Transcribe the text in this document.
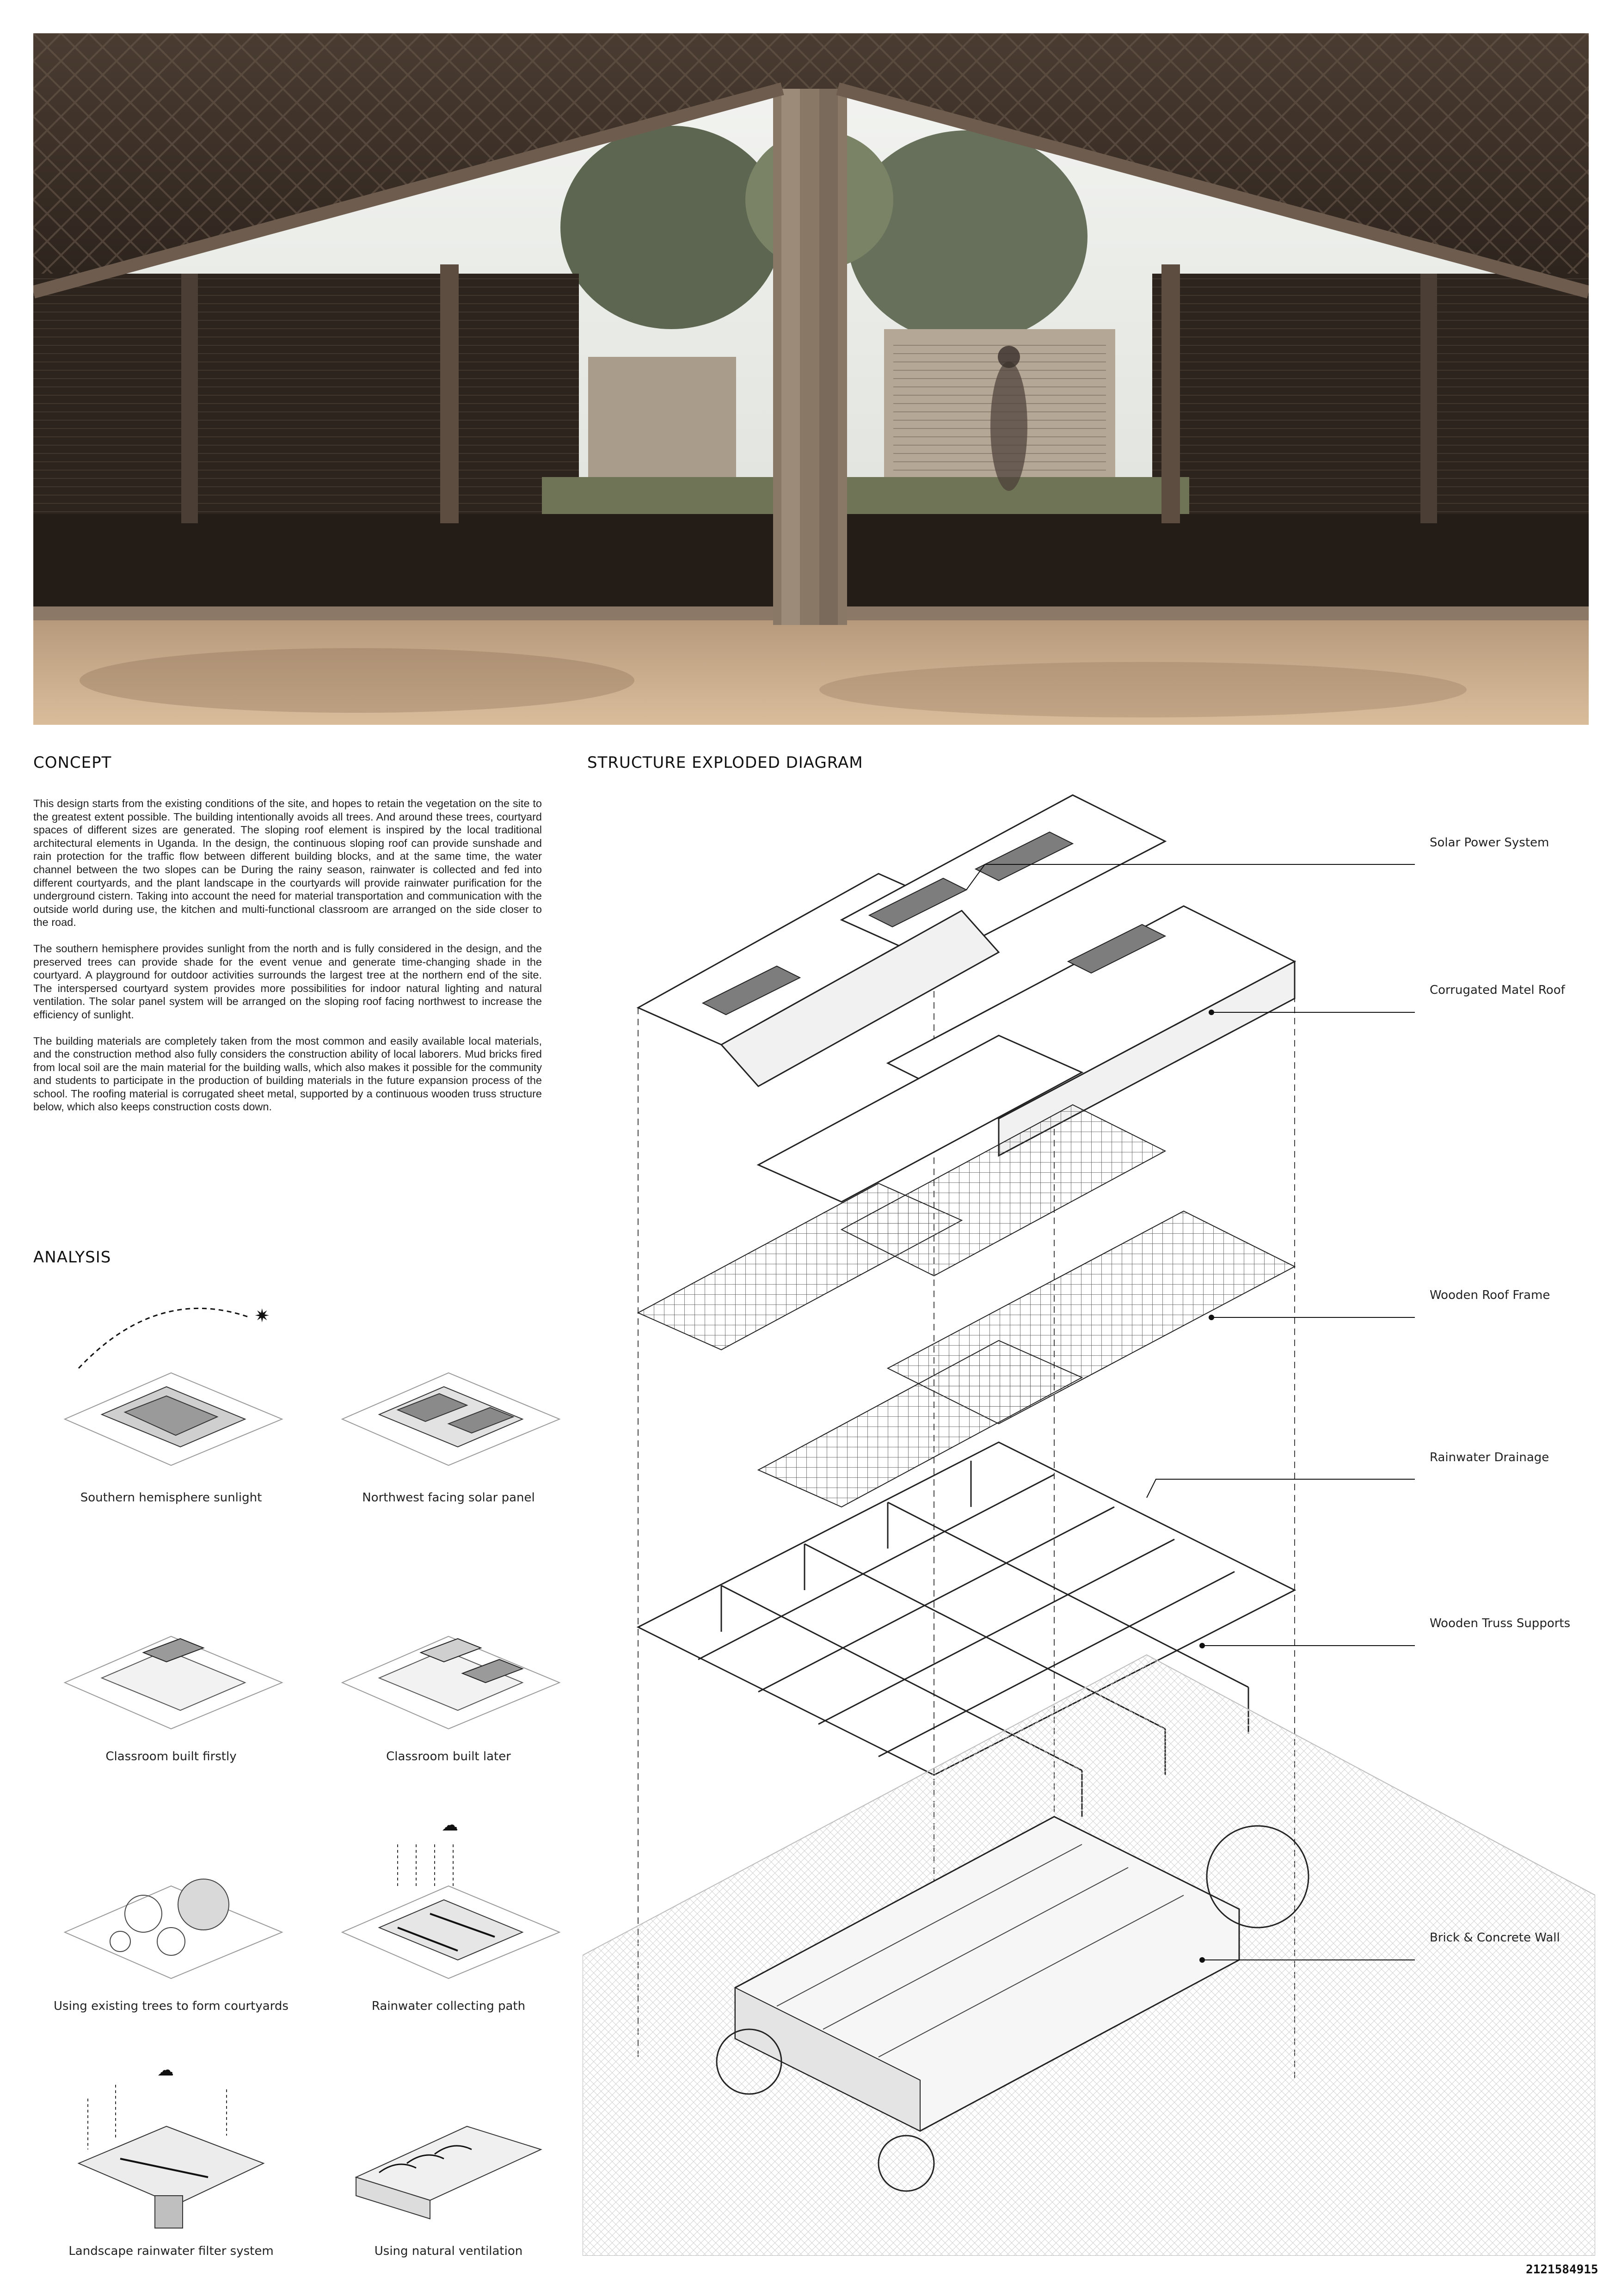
CONCEPT

This design starts from the existing conditions of the site, and hopes to retain the vegetation on the site to the greatest extent possible. The building intentionally avoids all trees. And around these trees, courtyard spaces of different sizes are generated. The sloping roof element is inspired by the local traditional architectural elements in Uganda. In the design, the continuous sloping roof can provide sunshade and rain protection for the traffic flow between different building blocks, and at the same time, the water channel between the two slopes can be During the rainy season, rainwater is collected and fed into different courtyards, and the plant landscape in the courtyards will provide rainwater purification for the underground cistern. Taking into account the need for material transportation and communication with the outside world during use, the kitchen and multi-functional classroom are arranged on the side closer to the road.

The southern hemisphere provides sunlight from the north and is fully considered in the design, and the preserved trees can provide shade for the event venue and generate time-changing shade in the courtyard. A playground for outdoor activities surrounds the largest tree at the northern end of the site. The interspersed courtyard system provides more possibilities for indoor natural lighting and natural ventilation. The solar panel system will be arranged on the sloping roof facing northwest to increase the efficiency of sunlight.

The building materials are completely taken from the most common and easily available local materials, and the construction method also fully considers the construction ability of local laborers. Mud bricks fired from local soil are the main material for the building walls, which also makes it possible for the community and students to participate in the production of building materials in the future expansion process of the school. The roofing material is corrugated sheet metal, supported by a continuous wooden truss structure below, which also keeps construction costs down.

ANALYSIS
✷
Southern hemisphere sunlight	Northwest facing solar panel
Classroom built firstly	Classroom built later
Using existing trees to form courtyards
☁
Rainwater collecting path
☁
Landscape rainwater filter system	Using natural ventilation
STRUCTURE EXPLODED DIAGRAM
Solar Power System
Corrugated Matel Roof
Wooden Roof Frame
Rainwater Drainage
Wooden Truss Supports
Brick & Concrete Wall
2121584915
